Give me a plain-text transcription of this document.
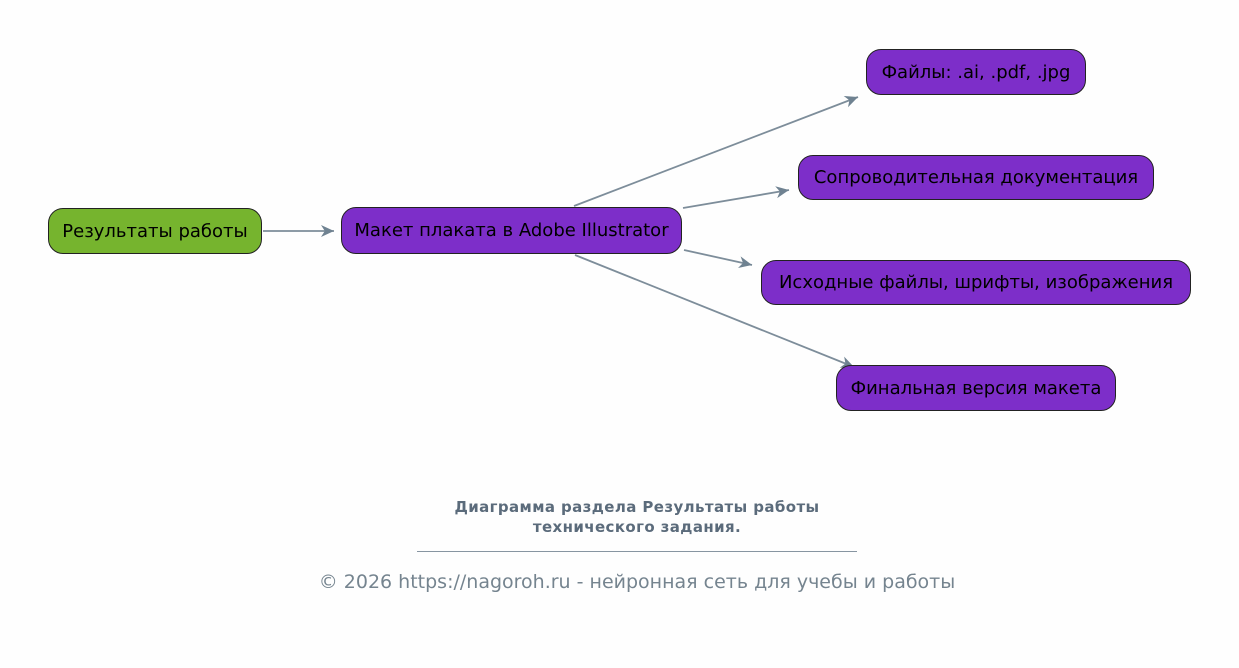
Результаты работы	Макет плаката в Adobe Illustrator
Файлы: .ai, .pdf, .jpg
Сопроводительная документация
Исходные файлы, шрифты, изображения
Финальная версия макета
Диаграмма раздела Результаты работы
технического задания.
© 2026 https://nagoroh.ru - нейронная сеть для учебы и работы
